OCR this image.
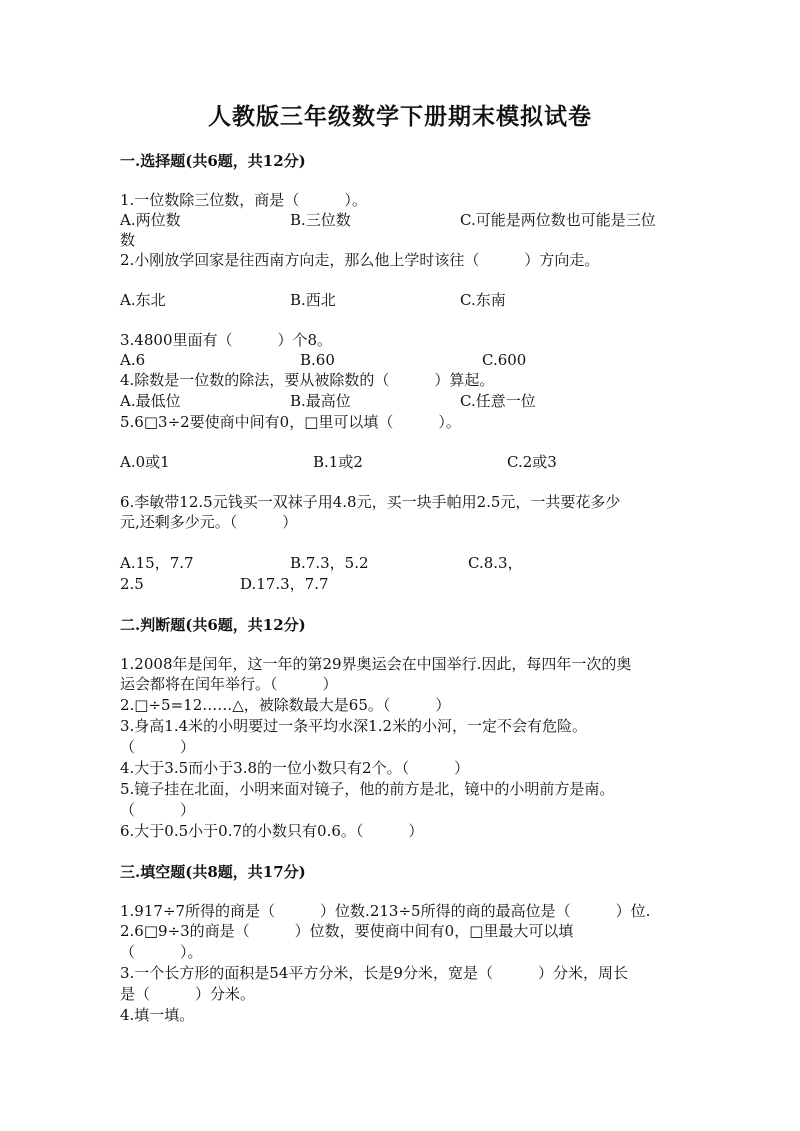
人教版三年级数学下册期末模拟试卷
一.选择题(共6题，共12分)
1.一位数除三位数，商是（　　　）。
A.两位数	B.三位数	C.可能是两位数也可能是三位
数
2.小刚放学回家是往西南方向走，那么他上学时该往（　　　）方向走。
A.东北	B.西北	C.东南
3.4800里面有（　　　）个8。
A.6	B.60	C.600
4.除数是一位数的除法，要从被除数的（　　　）算起。
A.最低位	B.最高位	C.任意一位
5.6□3÷2要使商中间有0，□里可以填（　　　）。
A.0或1	B.1或2	C.2或3
6.李敏带12.5元钱买一双袜子用4.8元，买一块手帕用2.5元，一共要花多少
元,还剩多少元。（　　　）
A.15，7.7	B.7.3，5.2	C.8.3，
2.5	D.17.3，7.7
二.判断题(共6题，共12分)
1.2008年是闰年，这一年的第29界奥运会在中国举行.因此，每四年一次的奥
运会都将在闰年举行。（　　　）
2.□÷5=12……△，被除数最大是65。（　　　）
3.身高1.4米的小明要过一条平均水深1.2米的小河，一定不会有危险。
（　　　）
4.大于3.5而小于3.8的一位小数只有2个。（　　　）
5.镜子挂在北面，小明来面对镜子，他的前方是北，镜中的小明前方是南。
（　　　）
6.大于0.5小于0.7的小数只有0.6。（　　　）
三.填空题(共8题，共17分)
1.917÷7所得的商是（　　　）位数.213÷5所得的商的最高位是（　　　）位.
2.6□9÷3的商是（　　　）位数，要使商中间有0，□里最大可以填
（　　　）。
3.一个长方形的面积是54平方分米，长是9分米，宽是（　　　）分米，周长
是（　　　）分米。
4.填一填。
